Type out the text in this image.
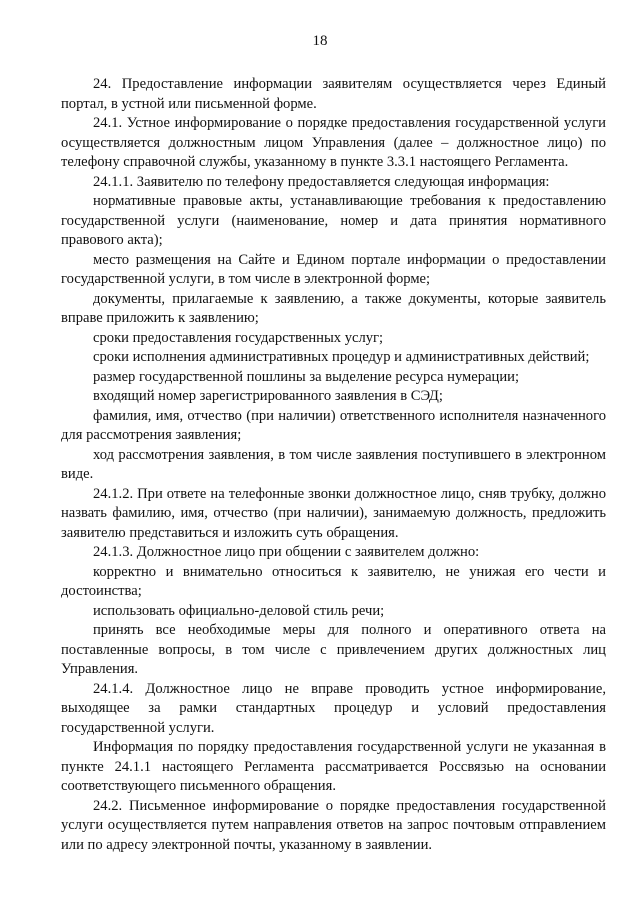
18

24. Предоставление информации заявителям осуществляется через Единый портал, в устной или письменной форме.

24.1. Устное информирование о порядке предоставления государственной услуги осуществляется должностным лицом Управления (далее – должностное лицо) по телефону справочной службы, указанному в пункте 3.3.1 настоящего Регламента.

24.1.1. Заявителю по телефону предоставляется следующая информация:

нормативные правовые акты, устанавливающие требования к предоставлению государственной услуги (наименование, номер и дата принятия нормативного правового акта);

место размещения на Сайте и Едином портале информации о предоставлении государственной услуги, в том числе в электронной форме;

документы, прилагаемые к заявлению, а также документы, которые заявитель вправе приложить к заявлению;

сроки предоставления государственных услуг;

сроки исполнения административных процедур и административных действий;

размер государственной пошлины за выделение ресурса нумерации;

входящий номер зарегистрированного заявления в СЭД;

фамилия, имя, отчество (при наличии) ответственного исполнителя назначенного для рассмотрения заявления;

ход рассмотрения заявления, в том числе заявления поступившего в электронном виде.

24.1.2. При ответе на телефонные звонки должностное лицо, сняв трубку, должно назвать фамилию, имя, отчество (при наличии), занимаемую должность, предложить заявителю представиться и изложить суть обращения.

24.1.3. Должностное лицо при общении с заявителем должно:

корректно и внимательно относиться к заявителю, не унижая его чести и достоинства;

использовать официально-деловой стиль речи;

принять все необходимые меры для полного и оперативного ответа на поставленные вопросы, в том числе с привлечением других должностных лиц Управления.

24.1.4. Должностное лицо не вправе проводить устное информирование, выходящее за рамки стандартных процедур и условий предоставления государственной услуги.

Информация по порядку предоставления государственной услуги не указанная в пункте 24.1.1 настоящего Регламента рассматривается Россвязью на основании соответствующего письменного обращения.

24.2. Письменное информирование о порядке предоставления государственной услуги осуществляется путем направления ответов на запрос почтовым отправлением или по адресу электронной почты, указанному в заявлении.
